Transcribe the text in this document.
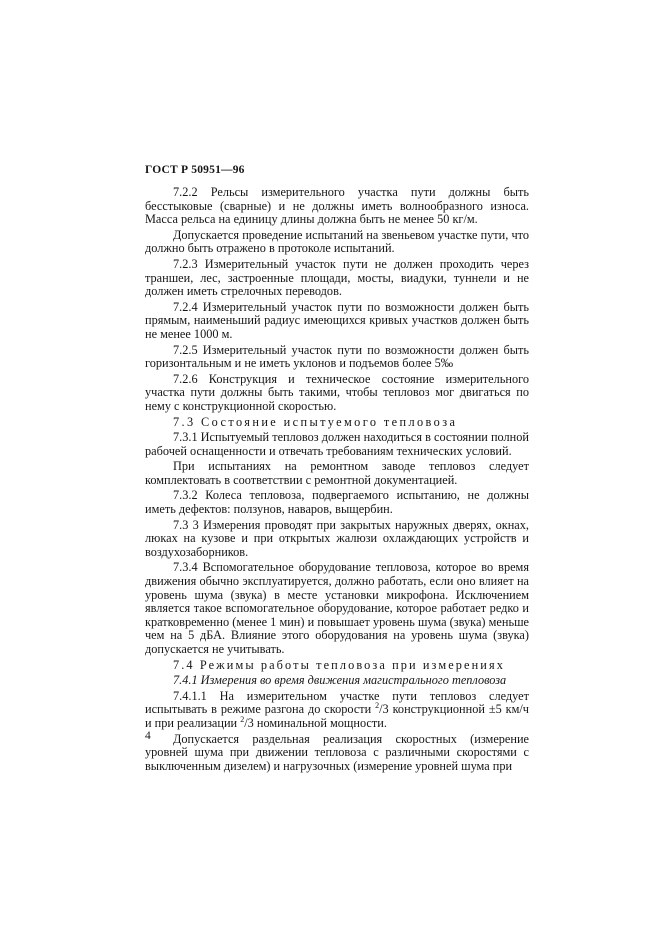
ГОСТ Р 50951—96

7.2.2 Рельсы измерительного участка пути должны быть бесстыковые (сварные) и не должны иметь волнообразного износа. Масса рельса на единицу длины должна быть не менее 50 кг/м.

Допускается проведение испытаний на звеньевом участке пути, что должно быть отражено в протоколе испытаний.

7.2.3 Измерительный участок пути не должен проходить через траншеи, лес, застроенные площади, мосты, виадуки, туннели и не должен иметь стрелочных переводов.

7.2.4 Измерительный участок пути по возможности должен быть прямым, наименьший радиус имеющихся кривых участков должен быть не менее 1000 м.

7.2.5 Измерительный участок пути по возможности должен быть горизонтальным и не иметь уклонов и подъемов более 5‰

7.2.6 Конструкция и техническое состояние измерительного участка пути должны быть такими, чтобы тепловоз мог двигаться по нему с конструкционной скоростью.

7.3 Состояние испытуемого тепловоза

7.3.1 Испытуемый тепловоз должен находиться в состоянии полной рабочей оснащенности и отвечать требованиям технических условий.

При испытаниях на ремонтном заводе тепловоз следует комплектовать в соответствии с ремонтной документацией.

7.3.2 Колеса тепловоза, подвергаемого испытанию, не должны иметь дефектов: ползунов, наваров, выщербин.

7.3 3 Измерения проводят при закрытых наружных дверях, окнах, люках на кузове и при открытых жалюзи охлаждающих устройств и воздухозаборников.

7.3.4 Вспомогательное оборудование тепловоза, которое во время движения обычно эксплуатируется, должно работать, если оно влияет на уровень шума (звука) в месте установки микрофона. Исключением является такое вспомогательное оборудование, которое работает редко и кратковременно (менее 1 мин) и повышает уровень шума (звука) меньше чем на 5 дБА. Влияние этого оборудования на уровень шума (звука) допускается не учитывать.

7.4 Режимы работы тепловоза при измерениях

7.4.1 Измерения во время движения магистрального тепловоза

7.4.1.1 На измерительном участке пути тепловоз следует испытывать в режиме разгона до скорости $^2$/3 конструкционной ±5 км/ч и при реализации $^2$/3 номинальной мощности.

Допускается раздельная реализация скоростных (измерение уровней шума при движении тепловоза с различными скоростями с выключенным дизелем) и нагрузочных (измерение уровней шума при

4
